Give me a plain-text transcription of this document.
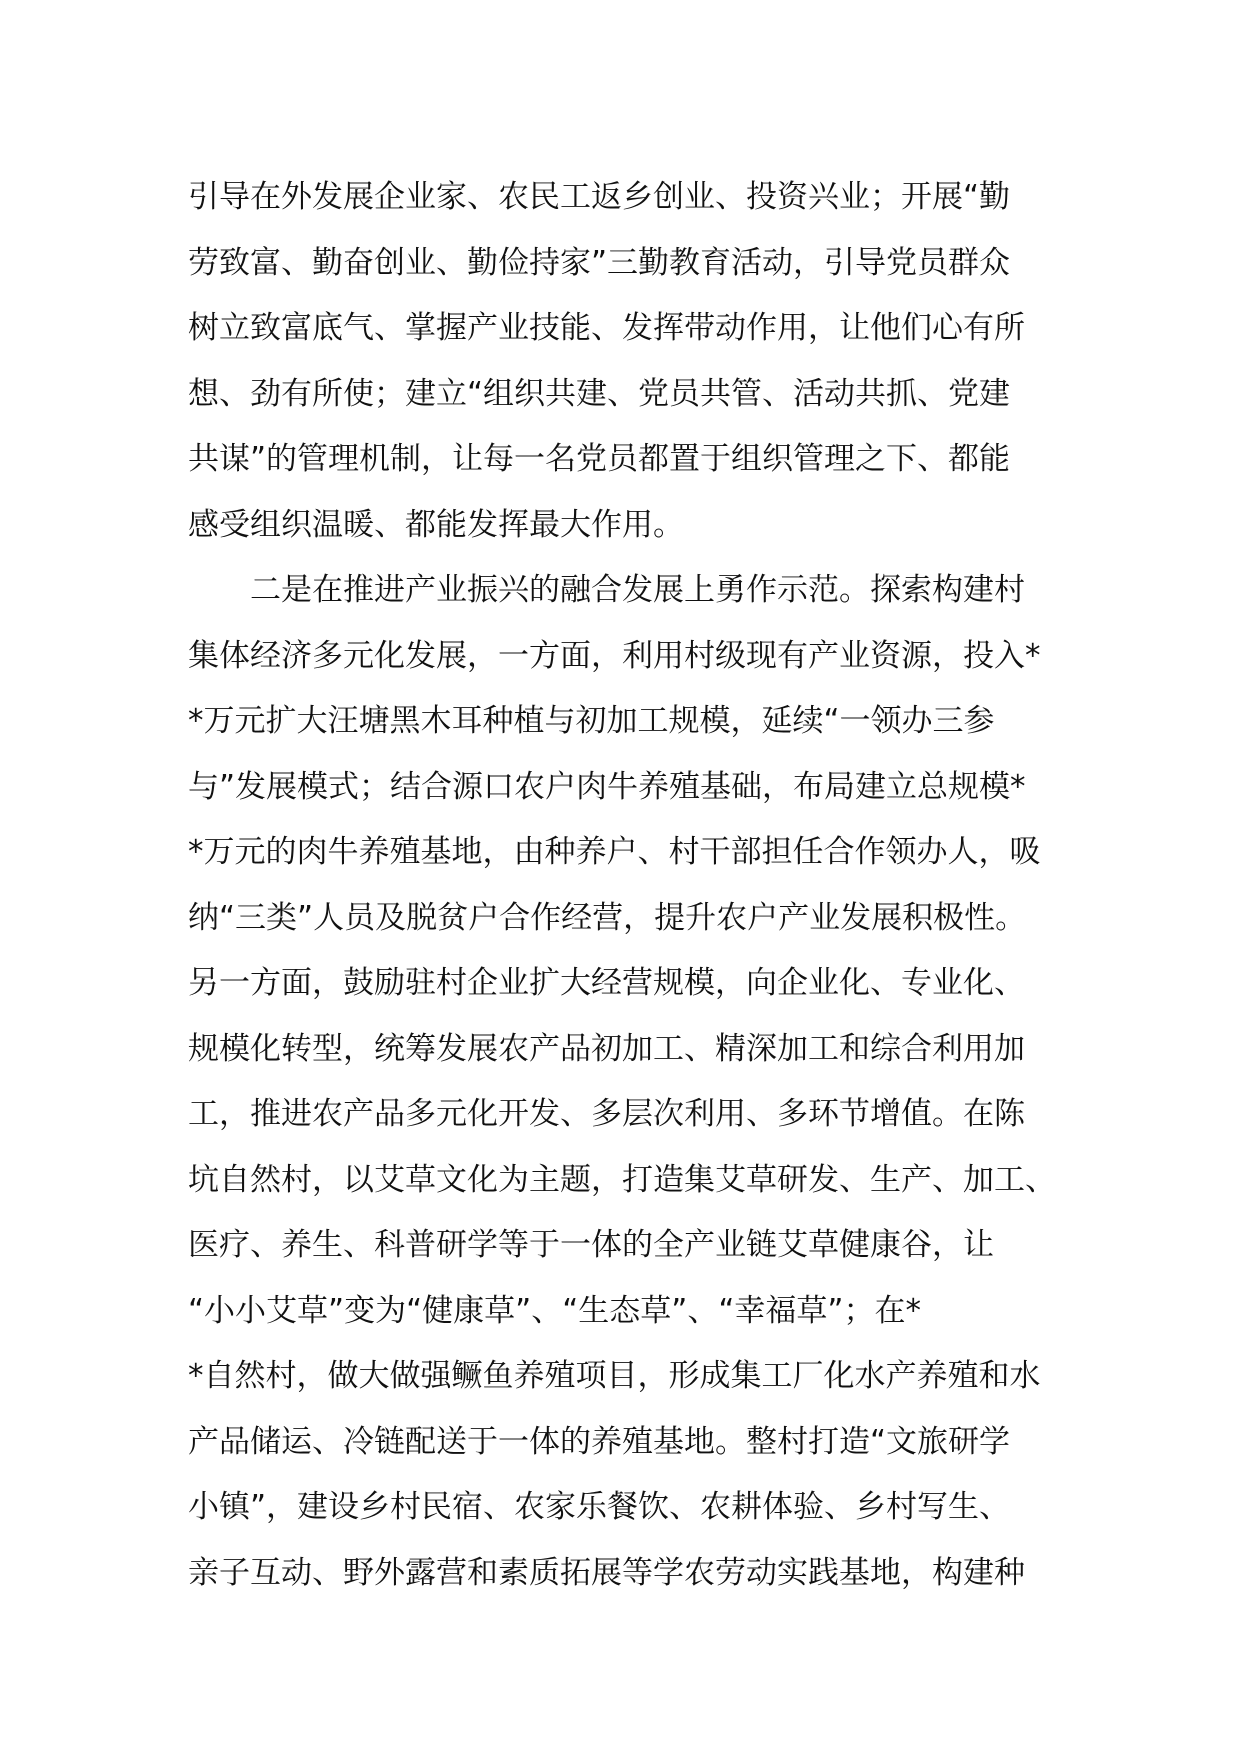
引导在外发展企业家、农民工返乡创业、投资兴业；开展“勤
劳致富、勤奋创业、勤俭持家”三勤教育活动，引导党员群众
树立致富底气、掌握产业技能、发挥带动作用，让他们心有所
想、劲有所使；建立“组织共建、党员共管、活动共抓、党建
共谋”的管理机制，让每一名党员都置于组织管理之下、都能
感受组织温暖、都能发挥最大作用。
二是在推进产业振兴的融合发展上勇作示范。探索构建村
集体经济多元化发展，一方面，利用村级现有产业资源，投入*
*万元扩大汪塘黑木耳种植与初加工规模，延续“一领办三参
与”发展模式；结合源口农户肉牛养殖基础，布局建立总规模*
*万元的肉牛养殖基地，由种养户、村干部担任合作领办人，吸
纳“三类”人员及脱贫户合作经营，提升农户产业发展积极性。
另一方面，鼓励驻村企业扩大经营规模，向企业化、专业化、
规模化转型，统筹发展农产品初加工、精深加工和综合利用加
工，推进农产品多元化开发、多层次利用、多环节增值。在陈
坑自然村，以艾草文化为主题，打造集艾草研发、生产、加工、
医疗、养生、科普研学等于一体的全产业链艾草健康谷，让
“小小艾草”变为“健康草”、“生态草”、“幸福草”；在*
*自然村，做大做强鳜鱼养殖项目，形成集工厂化水产养殖和水
产品储运、冷链配送于一体的养殖基地。整村打造“文旅研学
小镇”，建设乡村民宿、农家乐餐饮、农耕体验、乡村写生、
亲子互动、野外露营和素质拓展等学农劳动实践基地，构建种
